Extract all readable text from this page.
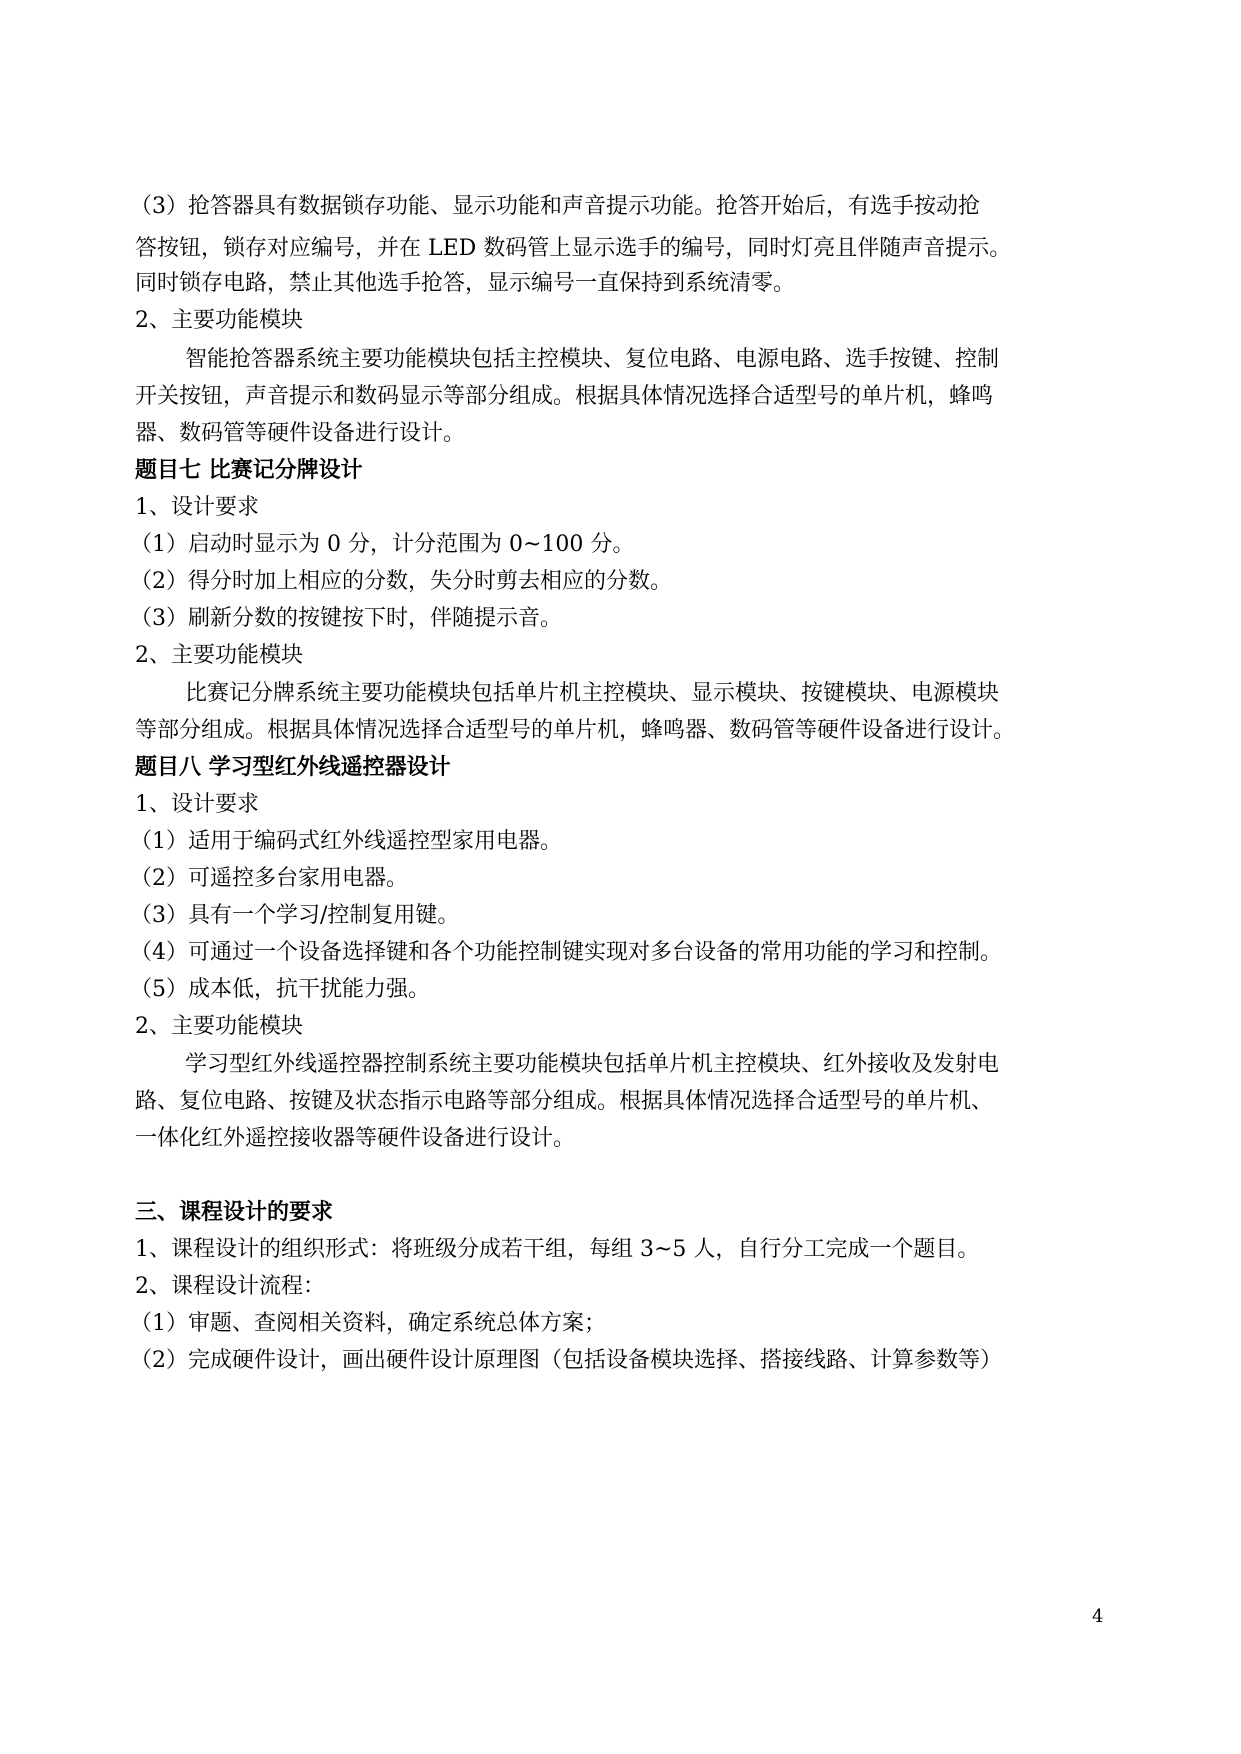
（3）抢答器具有数据锁存功能、显示功能和声音提示功能。抢答开始后，有选手按动抢
答按钮，锁存对应编号，并在 LED 数码管上显示选手的编号，同时灯亮且伴随声音提示。
同时锁存电路，禁止其他选手抢答，显示编号一直保持到系统清零。
2、主要功能模块
智能抢答器系统主要功能模块包括主控模块、复位电路、电源电路、选手按键、控制
开关按钮，声音提示和数码显示等部分组成。根据具体情况选择合适型号的单片机，蜂鸣
器、数码管等硬件设备进行设计。
题目七 比赛记分牌设计
1、设计要求
（1）启动时显示为 0 分，计分范围为 0~100 分。
（2）得分时加上相应的分数，失分时剪去相应的分数。
（3）刷新分数的按键按下时，伴随提示音。
2、主要功能模块
比赛记分牌系统主要功能模块包括单片机主控模块、显示模块、按键模块、电源模块
等部分组成。根据具体情况选择合适型号的单片机，蜂鸣器、数码管等硬件设备进行设计。
题目八 学习型红外线遥控器设计
1、设计要求
（1）适用于编码式红外线遥控型家用电器。
（2）可遥控多台家用电器。
（3）具有一个学习/控制复用键。
（4）可通过一个设备选择键和各个功能控制键实现对多台设备的常用功能的学习和控制。
（5）成本低，抗干扰能力强。
2、主要功能模块
学习型红外线遥控器控制系统主要功能模块包括单片机主控模块、红外接收及发射电
路、复位电路、按键及状态指示电路等部分组成。根据具体情况选择合适型号的单片机、
一体化红外遥控接收器等硬件设备进行设计。
三、课程设计的要求
1、课程设计的组织形式：将班级分成若干组，每组 3~5 人，自行分工完成一个题目。
2、课程设计流程：
（1）审题、查阅相关资料，确定系统总体方案；
（2）完成硬件设计，画出硬件设计原理图（包括设备模块选择、搭接线路、计算参数等）
4
